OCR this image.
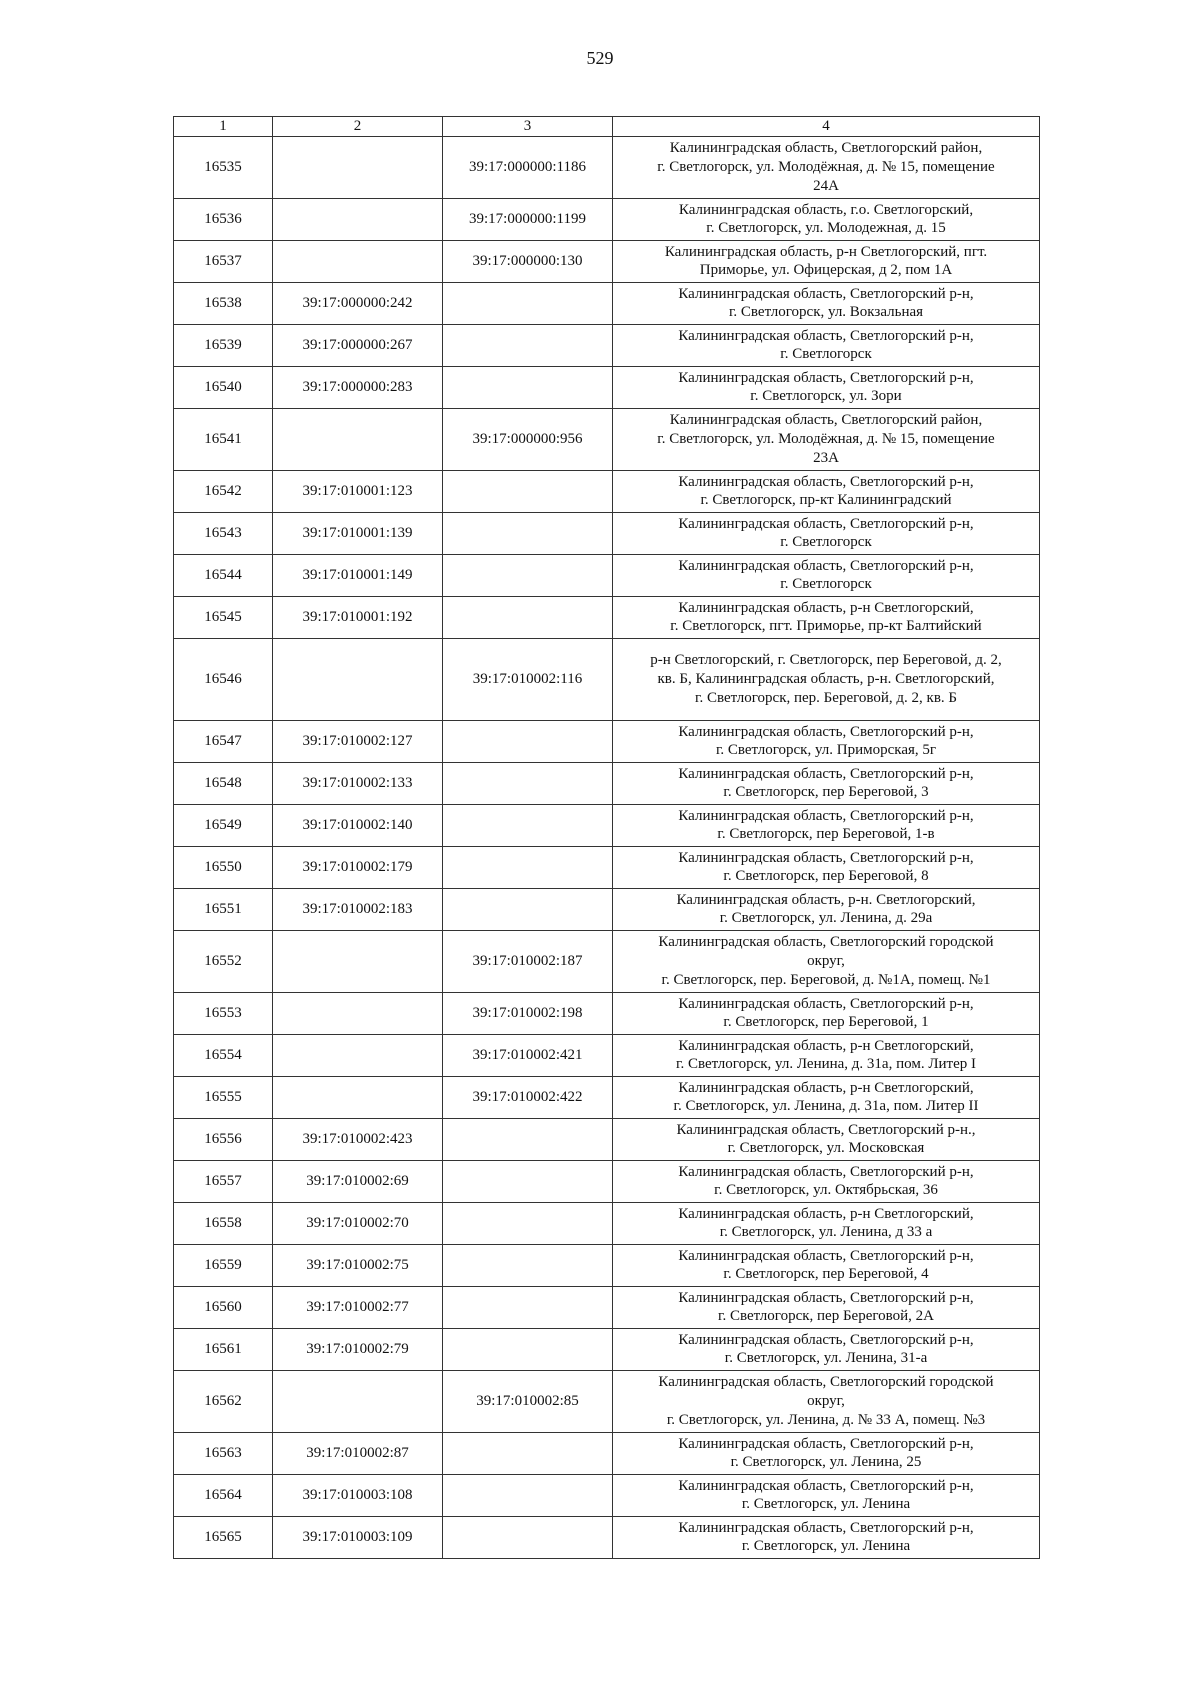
529
1	2	3	4
16535		39:17:000000:1186	Калининградская область, Светлогорский район,
г. Светлогорск, ул. Молодёжная, д. № 15, помещение
24А
16536		39:17:000000:1199	Калининградская область, г.о. Светлогорский,
г. Светлогорск, ул. Молодежная, д. 15
16537		39:17:000000:130	Калининградская область, р-н Светлогорский, пгт.
Приморье, ул. Офицерская, д 2, пом 1А
16538	39:17:000000:242		Калининградская область, Светлогорский р-н,
г. Светлогорск, ул. Вокзальная
16539	39:17:000000:267		Калининградская область, Светлогорский р-н,
г. Светлогорск
16540	39:17:000000:283		Калининградская область, Светлогорский р-н,
г. Светлогорск, ул. Зори
16541		39:17:000000:956	Калининградская область, Светлогорский район,
г. Светлогорск, ул. Молодёжная, д. № 15, помещение
23А
16542	39:17:010001:123		Калининградская область, Светлогорский р-н,
г. Светлогорск, пр-кт Калининградский
16543	39:17:010001:139		Калининградская область, Светлогорский р-н,
г. Светлогорск
16544	39:17:010001:149		Калининградская область, Светлогорский р-н,
г. Светлогорск
16545	39:17:010001:192		Калининградская область, р-н Светлогорский,
г. Светлогорск, пгт. Приморье, пр-кт Балтийский
16546		39:17:010002:116	р-н Светлогорский, г. Светлогорск, пер Береговой, д. 2,
кв. Б, Калининградская область, р-н. Светлогорский,
г. Светлогорск, пер. Береговой, д. 2, кв. Б
16547	39:17:010002:127		Калининградская область, Светлогорский р-н,
г. Светлогорск, ул. Приморская, 5г
16548	39:17:010002:133		Калининградская область, Светлогорский р-н,
г. Светлогорск, пер Береговой, 3
16549	39:17:010002:140		Калининградская область, Светлогорский р-н,
г. Светлогорск, пер Береговой, 1-в
16550	39:17:010002:179		Калининградская область, Светлогорский р-н,
г. Светлогорск, пер Береговой, 8
16551	39:17:010002:183		Калининградская область, р-н. Светлогорский,
г. Светлогорск, ул. Ленина, д. 29а
16552		39:17:010002:187	Калининградская область, Светлогорский городской
округ,
г. Светлогорск, пер. Береговой, д. №1А, помещ. №1
16553		39:17:010002:198	Калининградская область, Светлогорский р-н,
г. Светлогорск, пер Береговой, 1
16554		39:17:010002:421	Калининградская область, р-н Светлогорский,
г. Светлогорск, ул. Ленина, д. 31а, пом. Литер I
16555		39:17:010002:422	Калининградская область, р-н Светлогорский,
г. Светлогорск, ул. Ленина, д. 31а, пом. Литер II
16556	39:17:010002:423		Калининградская область, Светлогорский р-н.,
г. Светлогорск, ул. Московская
16557	39:17:010002:69		Калининградская область, Светлогорский р-н,
г. Светлогорск, ул. Октябрьская, 36
16558	39:17:010002:70		Калининградская область, р-н Светлогорский,
г. Светлогорск, ул. Ленина, д 33 а
16559	39:17:010002:75		Калининградская область, Светлогорский р-н,
г. Светлогорск, пер Береговой, 4
16560	39:17:010002:77		Калининградская область, Светлогорский р-н,
г. Светлогорск, пер Береговой, 2А
16561	39:17:010002:79		Калининградская область, Светлогорский р-н,
г. Светлогорск, ул. Ленина, 31-а
16562		39:17:010002:85	Калининградская область, Светлогорский городской
округ,
г. Светлогорск, ул. Ленина, д. № 33 А, помещ. №3
16563	39:17:010002:87		Калининградская область, Светлогорский р-н,
г. Светлогорск, ул. Ленина, 25
16564	39:17:010003:108		Калининградская область, Светлогорский р-н,
г. Светлогорск, ул. Ленина
16565	39:17:010003:109		Калининградская область, Светлогорский р-н,
г. Светлогорск, ул. Ленина
